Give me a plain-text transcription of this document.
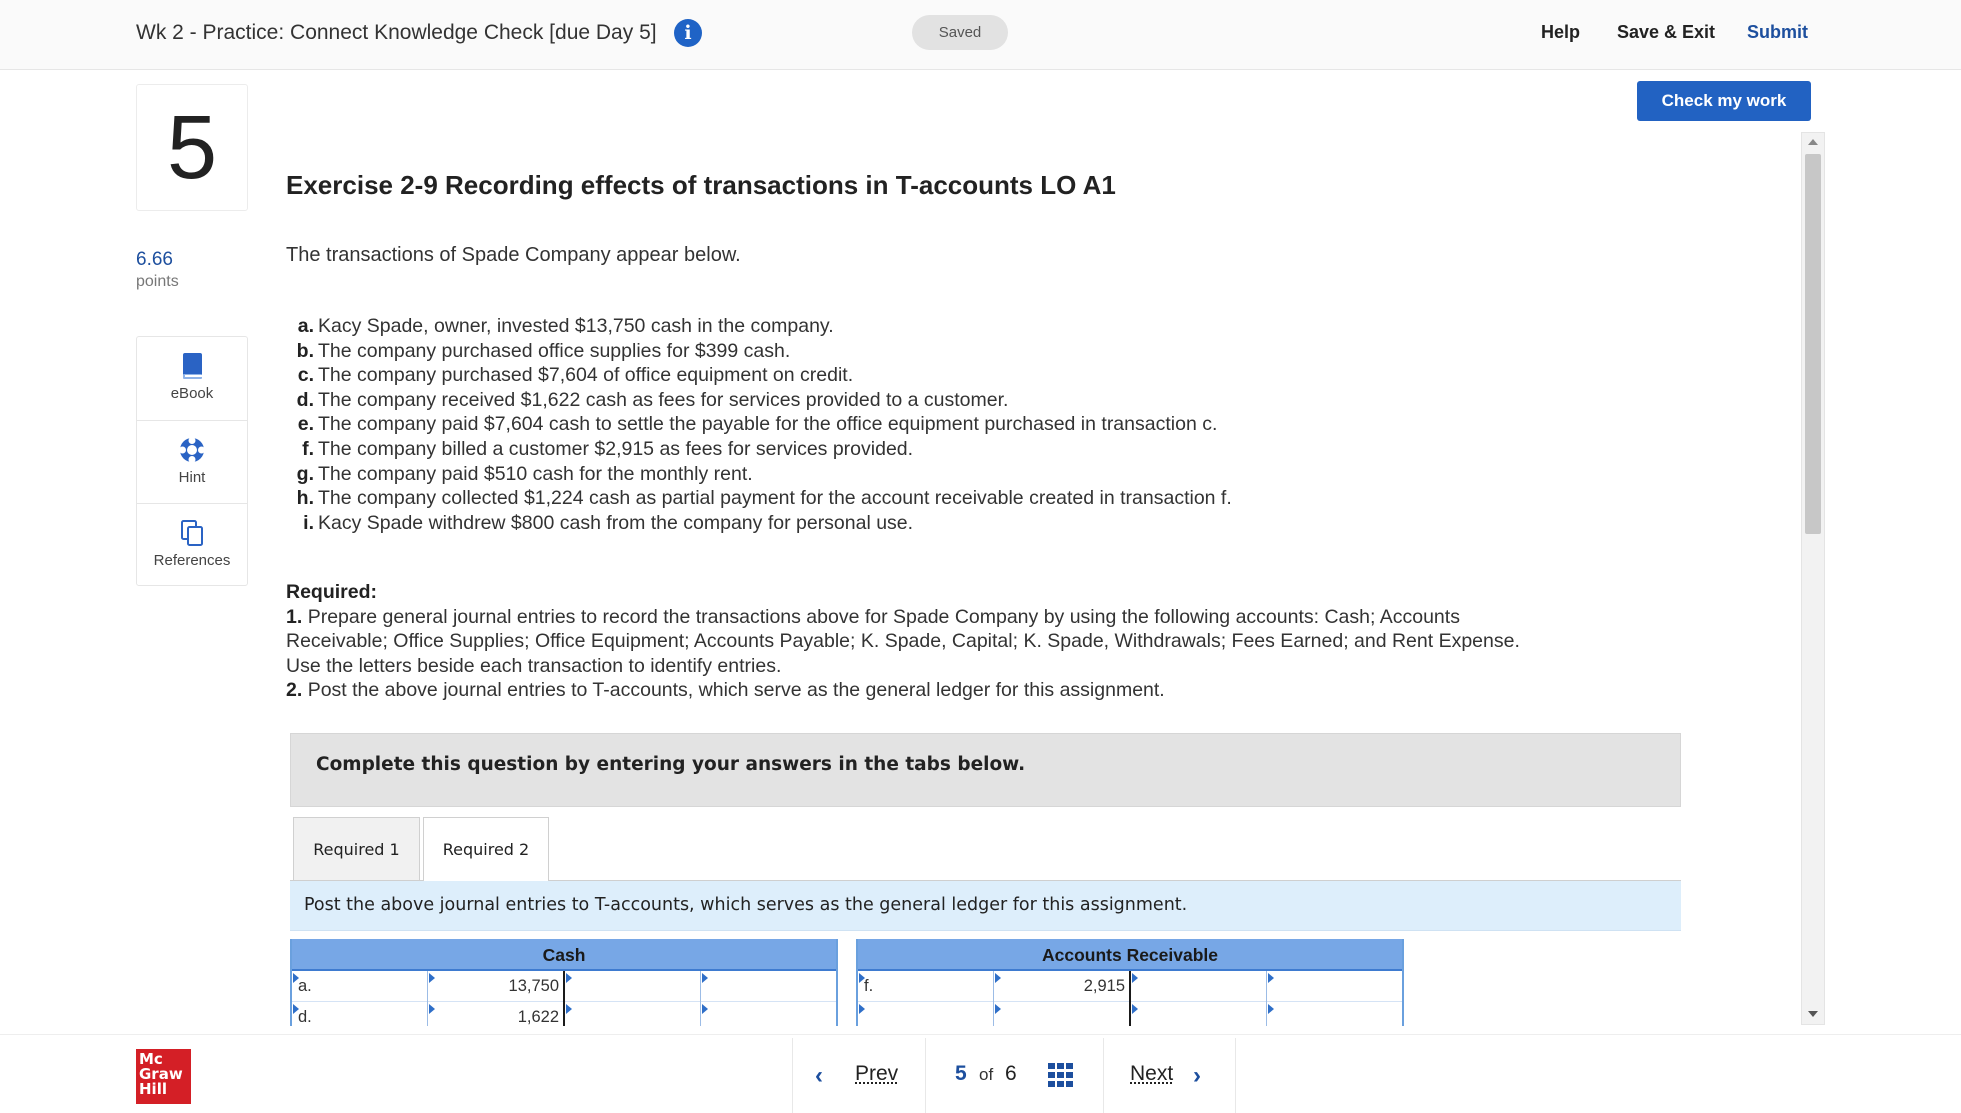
Wk 2 - Practice: Connect Knowledge Check [due Day 5]	i	Saved	Help Save & Exit Submit
5
6.66
points
eBook
Hint
References
Check my work
Exercise 2-9 Recording effects of transactions in T-accounts LO A1

The transactions of Spade Company appear below.

a. Kacy Spade, owner, invested $13,750 cash in the company.
b. The company purchased office supplies for $399 cash.
c. The company purchased $7,604 of office equipment on credit.
d. The company received $1,622 cash as fees for services provided to a customer.
e. The company paid $7,604 cash to settle the payable for the office equipment purchased in transaction c.
f. The company billed a customer $2,915 as fees for services provided.
g. The company paid $510 cash for the monthly rent.
h. The company collected $1,224 cash as partial payment for the account receivable created in transaction f.
i. Kacy Spade withdrew $800 cash from the company for personal use.
Required:
1. Prepare general journal entries to record the transactions above for Spade Company by using the following accounts: Cash; Accounts Receivable; Office Supplies; Office Equipment; Accounts Payable; K. Spade, Capital; K. Spade, Withdrawals; Fees Earned; and Rent Expense. Use the letters beside each transaction to identify entries.
2. Post the above journal entries to T-accounts, which serve as the general ledger for this assignment.
Complete this question by entering your answers in the tabs below.
Required 1	Required 2
Post the above journal entries to T-accounts, which serves as the general ledger for this assignment.
Cash
a.	13,750
d.	1,622
Accounts Receivable
f.	2,915
Mc
Graw
Hill	‹ Prev	5 of 6	Next ›
